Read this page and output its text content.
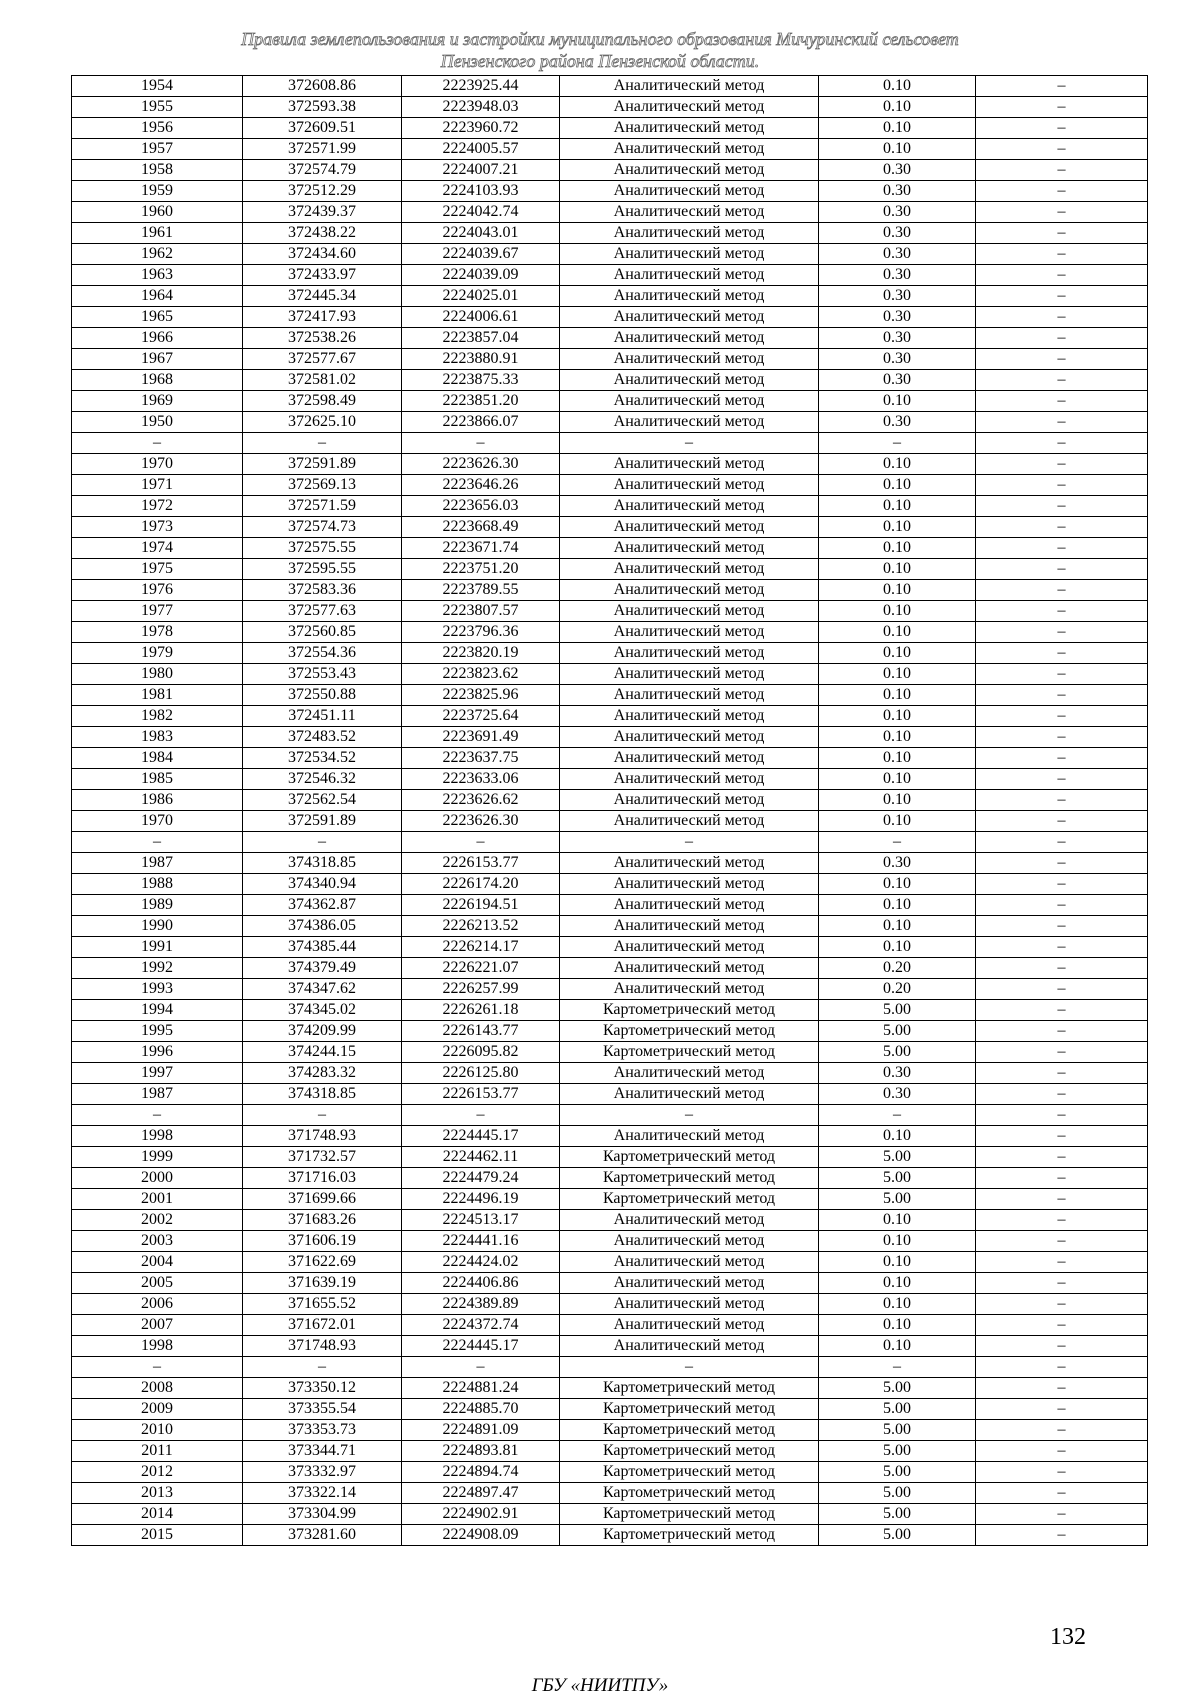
Правила землепользования и застройки муниципального образования Мичуринский сельсовет
Пензенского района Пензенской области.
1954	372608.86	2223925.44	Аналитический метод	0.10	–
1955	372593.38	2223948.03	Аналитический метод	0.10	–
1956	372609.51	2223960.72	Аналитический метод	0.10	–
1957	372571.99	2224005.57	Аналитический метод	0.10	–
1958	372574.79	2224007.21	Аналитический метод	0.30	–
1959	372512.29	2224103.93	Аналитический метод	0.30	–
1960	372439.37	2224042.74	Аналитический метод	0.30	–
1961	372438.22	2224043.01	Аналитический метод	0.30	–
1962	372434.60	2224039.67	Аналитический метод	0.30	–
1963	372433.97	2224039.09	Аналитический метод	0.30	–
1964	372445.34	2224025.01	Аналитический метод	0.30	–
1965	372417.93	2224006.61	Аналитический метод	0.30	–
1966	372538.26	2223857.04	Аналитический метод	0.30	–
1967	372577.67	2223880.91	Аналитический метод	0.30	–
1968	372581.02	2223875.33	Аналитический метод	0.30	–
1969	372598.49	2223851.20	Аналитический метод	0.10	–
1950	372625.10	2223866.07	Аналитический метод	0.30	–
–	–	–	–	–	–
1970	372591.89	2223626.30	Аналитический метод	0.10	–
1971	372569.13	2223646.26	Аналитический метод	0.10	–
1972	372571.59	2223656.03	Аналитический метод	0.10	–
1973	372574.73	2223668.49	Аналитический метод	0.10	–
1974	372575.55	2223671.74	Аналитический метод	0.10	–
1975	372595.55	2223751.20	Аналитический метод	0.10	–
1976	372583.36	2223789.55	Аналитический метод	0.10	–
1977	372577.63	2223807.57	Аналитический метод	0.10	–
1978	372560.85	2223796.36	Аналитический метод	0.10	–
1979	372554.36	2223820.19	Аналитический метод	0.10	–
1980	372553.43	2223823.62	Аналитический метод	0.10	–
1981	372550.88	2223825.96	Аналитический метод	0.10	–
1982	372451.11	2223725.64	Аналитический метод	0.10	–
1983	372483.52	2223691.49	Аналитический метод	0.10	–
1984	372534.52	2223637.75	Аналитический метод	0.10	–
1985	372546.32	2223633.06	Аналитический метод	0.10	–
1986	372562.54	2223626.62	Аналитический метод	0.10	–
1970	372591.89	2223626.30	Аналитический метод	0.10	–
–	–	–	–	–	–
1987	374318.85	2226153.77	Аналитический метод	0.30	–
1988	374340.94	2226174.20	Аналитический метод	0.10	–
1989	374362.87	2226194.51	Аналитический метод	0.10	–
1990	374386.05	2226213.52	Аналитический метод	0.10	–
1991	374385.44	2226214.17	Аналитический метод	0.10	–
1992	374379.49	2226221.07	Аналитический метод	0.20	–
1993	374347.62	2226257.99	Аналитический метод	0.20	–
1994	374345.02	2226261.18	Картометрический метод	5.00	–
1995	374209.99	2226143.77	Картометрический метод	5.00	–
1996	374244.15	2226095.82	Картометрический метод	5.00	–
1997	374283.32	2226125.80	Аналитический метод	0.30	–
1987	374318.85	2226153.77	Аналитический метод	0.30	–
–	–	–	–	–	–
1998	371748.93	2224445.17	Аналитический метод	0.10	–
1999	371732.57	2224462.11	Картометрический метод	5.00	–
2000	371716.03	2224479.24	Картометрический метод	5.00	–
2001	371699.66	2224496.19	Картометрический метод	5.00	–
2002	371683.26	2224513.17	Аналитический метод	0.10	–
2003	371606.19	2224441.16	Аналитический метод	0.10	–
2004	371622.69	2224424.02	Аналитический метод	0.10	–
2005	371639.19	2224406.86	Аналитический метод	0.10	–
2006	371655.52	2224389.89	Аналитический метод	0.10	–
2007	371672.01	2224372.74	Аналитический метод	0.10	–
1998	371748.93	2224445.17	Аналитический метод	0.10	–
–	–	–	–	–	–
2008	373350.12	2224881.24	Картометрический метод	5.00	–
2009	373355.54	2224885.70	Картометрический метод	5.00	–
2010	373353.73	2224891.09	Картометрический метод	5.00	–
2011	373344.71	2224893.81	Картометрический метод	5.00	–
2012	373332.97	2224894.74	Картометрический метод	5.00	–
2013	373322.14	2224897.47	Картометрический метод	5.00	–
2014	373304.99	2224902.91	Картометрический метод	5.00	–
2015	373281.60	2224908.09	Картометрический метод	5.00	–
132
ГБУ «НИИТПУ»
